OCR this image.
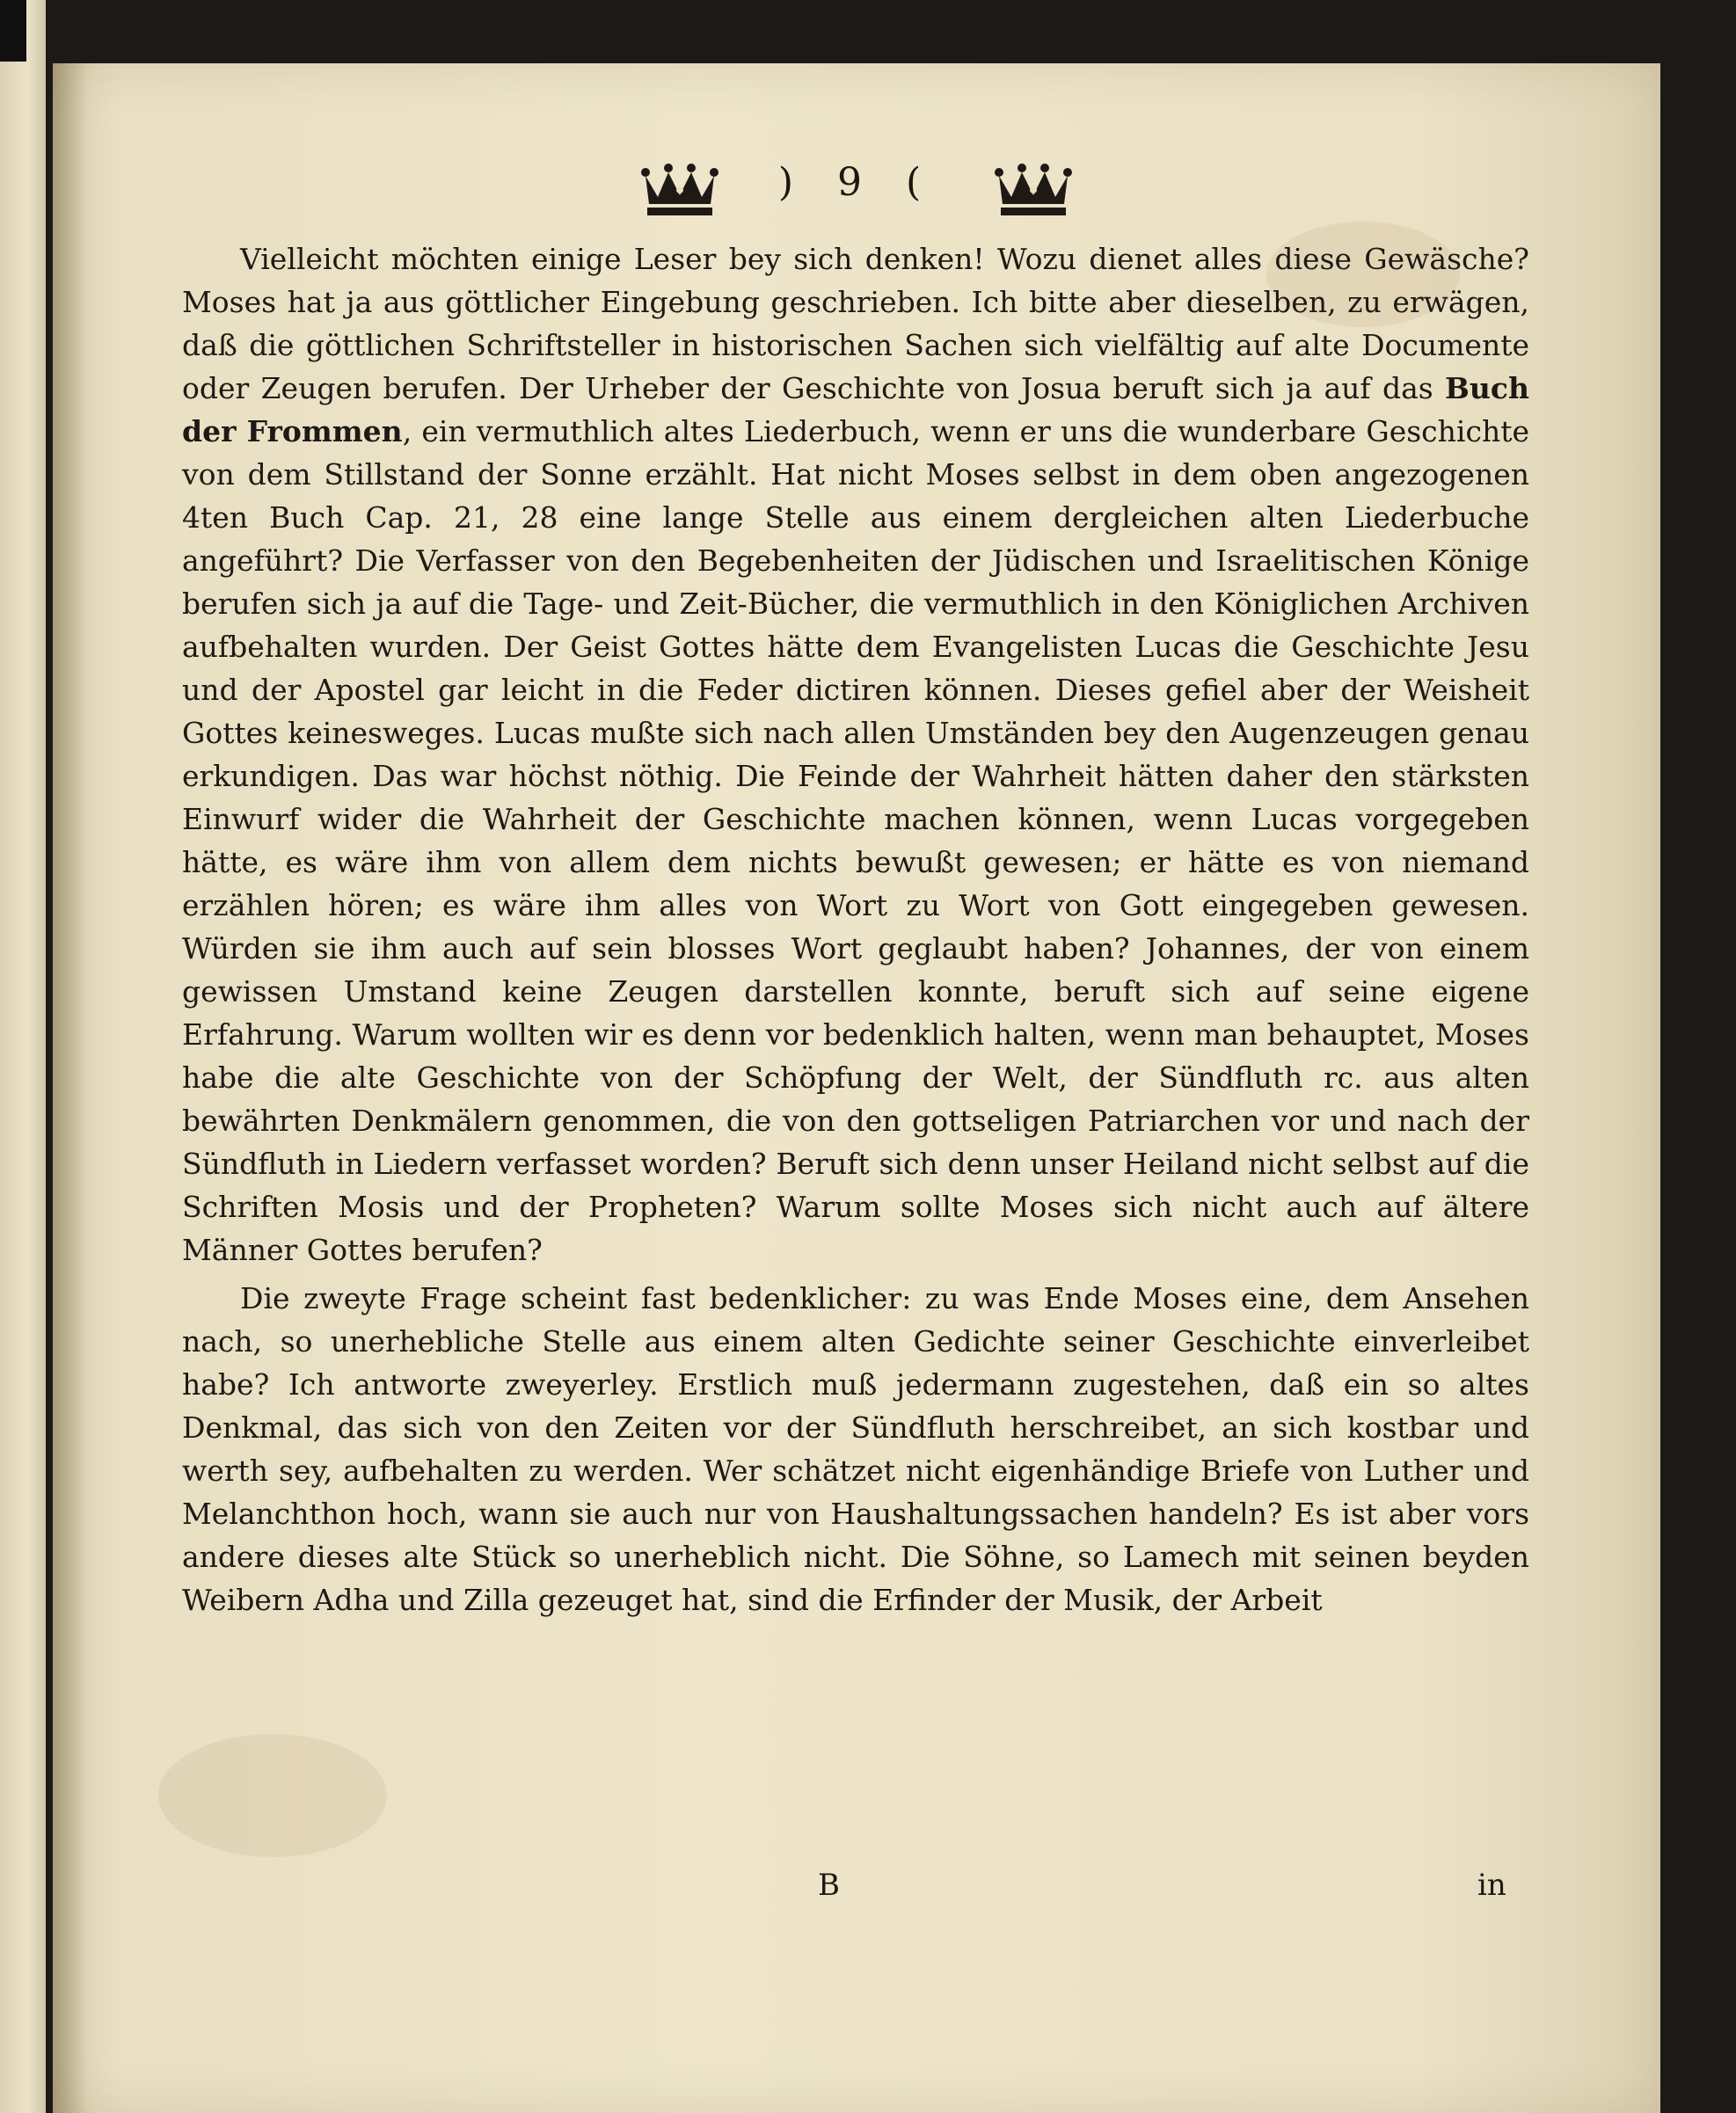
) 9 (

Vielleicht möchten einige Leser bey sich denken! Wozu dienet alles diese Gewäsche? Moses hat ja aus göttlicher Eingebung geschrieben. Ich bitte aber dieselben, zu erwägen, daß die göttlichen Schriftsteller in historischen Sachen sich vielfältig auf alte Documente oder Zeugen berufen. Der Urheber der Geschichte von Josua beruft sich ja auf das Buch der Frommen, ein vermuthlich altes Liederbuch, wenn er uns die wunderbare Geschichte von dem Stillstand der Sonne erzählt. Hat nicht Moses selbst in dem oben angezogenen 4ten Buch Cap. 21, 28 eine lange Stelle aus einem dergleichen alten Liederbuche angeführt? Die Verfasser von den Begebenheiten der Jüdischen und Israelitischen Könige berufen sich ja auf die Tage- und Zeit-Bücher, die vermuthlich in den Königlichen Archiven aufbehalten wurden. Der Geist Gottes hätte dem Evangelisten Lucas die Geschichte Jesu und der Apostel gar leicht in die Feder dictiren können. Dieses gefiel aber der Weisheit Gottes keinesweges. Lucas mußte sich nach allen Umständen bey den Augenzeugen genau erkundigen. Das war höchst nöthig. Die Feinde der Wahrheit hätten daher den stärksten Einwurf wider die Wahrheit der Geschichte machen können, wenn Lucas vorgegeben hätte, es wäre ihm von allem dem nichts bewußt gewesen; er hätte es von niemand erzählen hören; es wäre ihm alles von Wort zu Wort von Gott eingegeben gewesen. Würden sie ihm auch auf sein blosses Wort geglaubt haben? Johannes, der von einem gewissen Umstand keine Zeugen darstellen konnte, beruft sich auf seine eigene Erfahrung. Warum wollten wir es denn vor bedenklich halten, wenn man behauptet, Moses habe die alte Geschichte von der Schöpfung der Welt, der Sündfluth rc. aus alten bewährten Denkmälern genommen, die von den gottseligen Patriarchen vor und nach der Sündfluth in Liedern verfasset worden? Beruft sich denn unser Heiland nicht selbst auf die Schriften Mosis und der Propheten? Warum sollte Moses sich nicht auch auf ältere Männer Gottes berufen?

Die zweyte Frage scheint fast bedenklicher: zu was Ende Moses eine, dem Ansehen nach, so unerhebliche Stelle aus einem alten Gedichte seiner Geschichte einverleibet habe? Ich antworte zweyerley. Erstlich muß jedermann zugestehen, daß ein so altes Denkmal, das sich von den Zeiten vor der Sündfluth herschreibet, an sich kostbar und werth sey, aufbehalten zu werden. Wer schätzet nicht eigenhändige Briefe von Luther und Melanchthon hoch, wann sie auch nur von Haushaltungssachen handeln? Es ist aber vors andere dieses alte Stück so unerheblich nicht. Die Söhne, so Lamech mit seinen beyden Weibern Adha und Zilla gezeuget hat, sind die Erfinder der Musik, der Arbeit

B	in
